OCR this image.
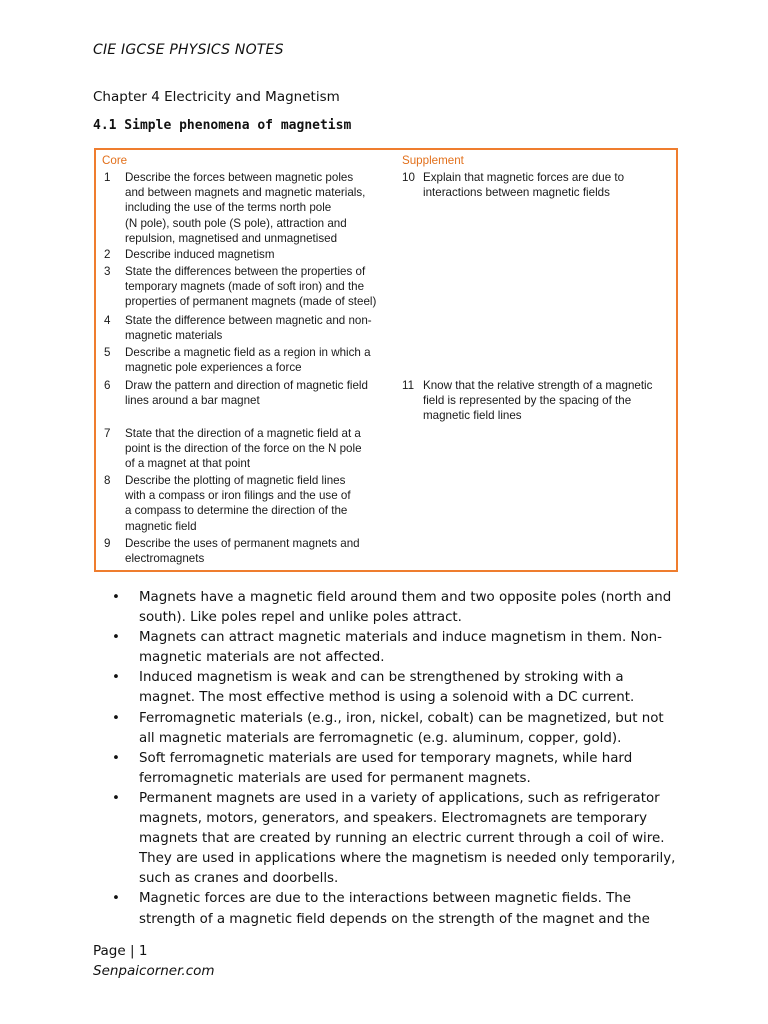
CIE IGCSE PHYSICS NOTES
Chapter 4 Electricity and Magnetism
4.1 Simple phenomena of magnetism
Core	Supplement
1 Describe the forces between magnetic poles
and between magnets and magnetic materials,
including the use of the terms north pole
(N pole), south pole (S pole), attraction and
repulsion, magnetised and unmagnetised
2 Describe induced magnetism
3 State the differences between the properties of
temporary magnets (made of soft iron) and the
properties of permanent magnets (made of steel)
4 State the difference between magnetic and non-
magnetic materials
5 Describe a magnetic field as a region in which a
magnetic pole experiences a force
6 Draw the pattern and direction of magnetic field
lines around a bar magnet
7 State that the direction of a magnetic field at a
point is the direction of the force on the N pole
of a magnet at that point
8 Describe the plotting of magnetic field lines
with a compass or iron filings and the use of
a compass to determine the direction of the
magnetic field
9 Describe the uses of permanent magnets and
electromagnets
10 Explain that magnetic forces are due to
interactions between magnetic fields
11 Know that the relative strength of a magnetic
field is represented by the spacing of the
magnetic field lines
• Magnets have a magnetic field around them and two opposite poles (north and south). Like poles repel and unlike poles attract.
• Magnets can attract magnetic materials and induce magnetism in them. Non-magnetic materials are not affected.
• Induced magnetism is weak and can be strengthened by stroking with a magnet. The most effective method is using a solenoid with a DC current.
• Ferromagnetic materials (e.g., iron, nickel, cobalt) can be magnetized, but not all magnetic materials are ferromagnetic (e.g. aluminum, copper, gold).
• Soft ferromagnetic materials are used for temporary magnets, while hard ferromagnetic materials are used for permanent magnets.
• Permanent magnets are used in a variety of applications, such as refrigerator magnets, motors, generators, and speakers. Electromagnets are temporary magnets that are created by running an electric current through a coil of wire. They are used in applications where the magnetism is needed only temporarily, such as cranes and doorbells.
• Magnetic forces are due to the interactions between magnetic fields. The strength of a magnetic field depends on the strength of the magnet and the
Page | 1
Senpaicorner.com
